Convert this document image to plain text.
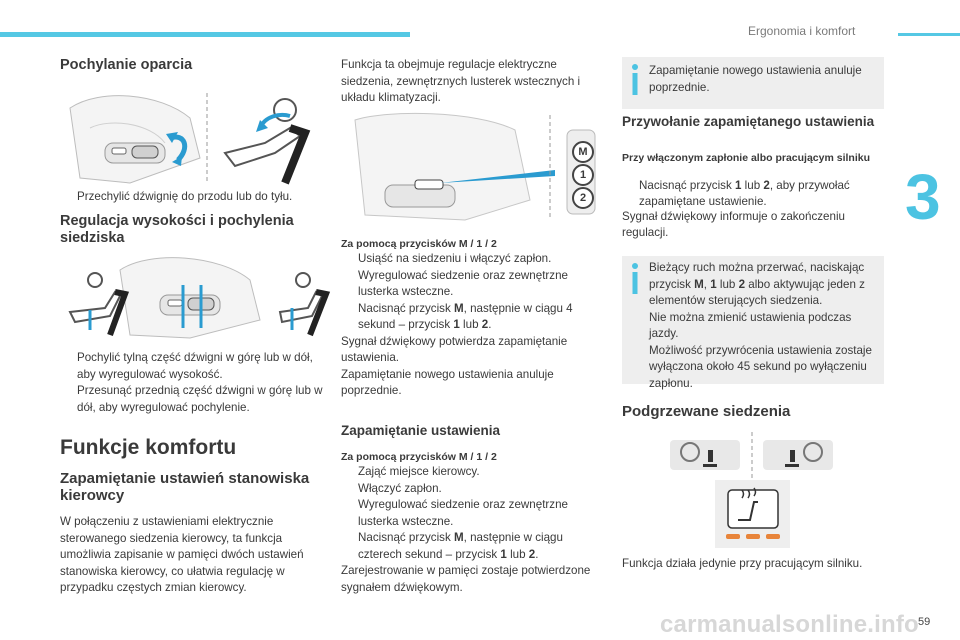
Ergonomia i komfort
3
59
carmanualsonline.info
Pochylanie oparcia
Przechylić dźwignię do przodu lub do tyłu.
Regulacja wysokości i pochylenia siedziska
Pochylić tylną część dźwigni w górę lub w dół, aby wyregulować wysokość.
Przesunąć przednią część dźwigni w górę lub w dół, aby wyregulować pochylenie.
Funkcje komfortu
Zapamiętanie ustawień stanowiska kierowcy
W połączeniu z ustawieniami elektrycznie sterowanego siedzenia kierowcy, ta funkcja umożliwia zapisanie w pamięci dwóch ustawień stanowiska kierowcy, co ułatwia regulację w przypadku częstych zmian kierowcy.
Funkcja ta obejmuje regulacje elektryczne siedzenia, zewnętrznych lusterek wstecznych i układu klimatyzacji.
M
1
2
Za pomocą przycisków M / 1 / 2
Usiąść na siedzeniu i włączyć zapłon.
Wyregulować siedzenie oraz zewnętrzne lusterka wsteczne.
Nacisnąć przycisk M, następnie w ciągu 4 sekund – przycisk 1 lub 2.
Sygnał dźwiękowy potwierdza zapamiętanie ustawienia.
Zapamiętanie nowego ustawienia anuluje poprzednie.
Zapamiętanie ustawienia
Za pomocą przycisków M / 1 / 2
Zająć miejsce kierowcy.
Włączyć zapłon.
Wyregulować siedzenie oraz zewnętrzne lusterka wsteczne.
Nacisnąć przycisk M, następnie w ciągu czterech sekund – przycisk 1 lub 2.
Zarejestrowanie w pamięci zostaje potwierdzone sygnałem dźwiękowym.
Zapamiętanie nowego ustawienia anuluje poprzednie.
Przywołanie zapamiętanego ustawienia
Przy włączonym zapłonie albo pracującym silniku
Nacisnąć przycisk 1 lub 2, aby przywołać zapamiętane ustawienie.
Sygnał dźwiękowy informuje o zakończeniu regulacji.
Bieżący ruch można przerwać, naciskając przycisk M, 1 lub 2 albo aktywując jeden z elementów sterujących siedzenia.
Nie można zmienić ustawienia podczas jazdy.
Możliwość przywrócenia ustawienia zostaje wyłączona około 45 sekund po wyłączeniu zapłonu.
Podgrzewane siedzenia
Funkcja działa jedynie przy pracującym silniku.
